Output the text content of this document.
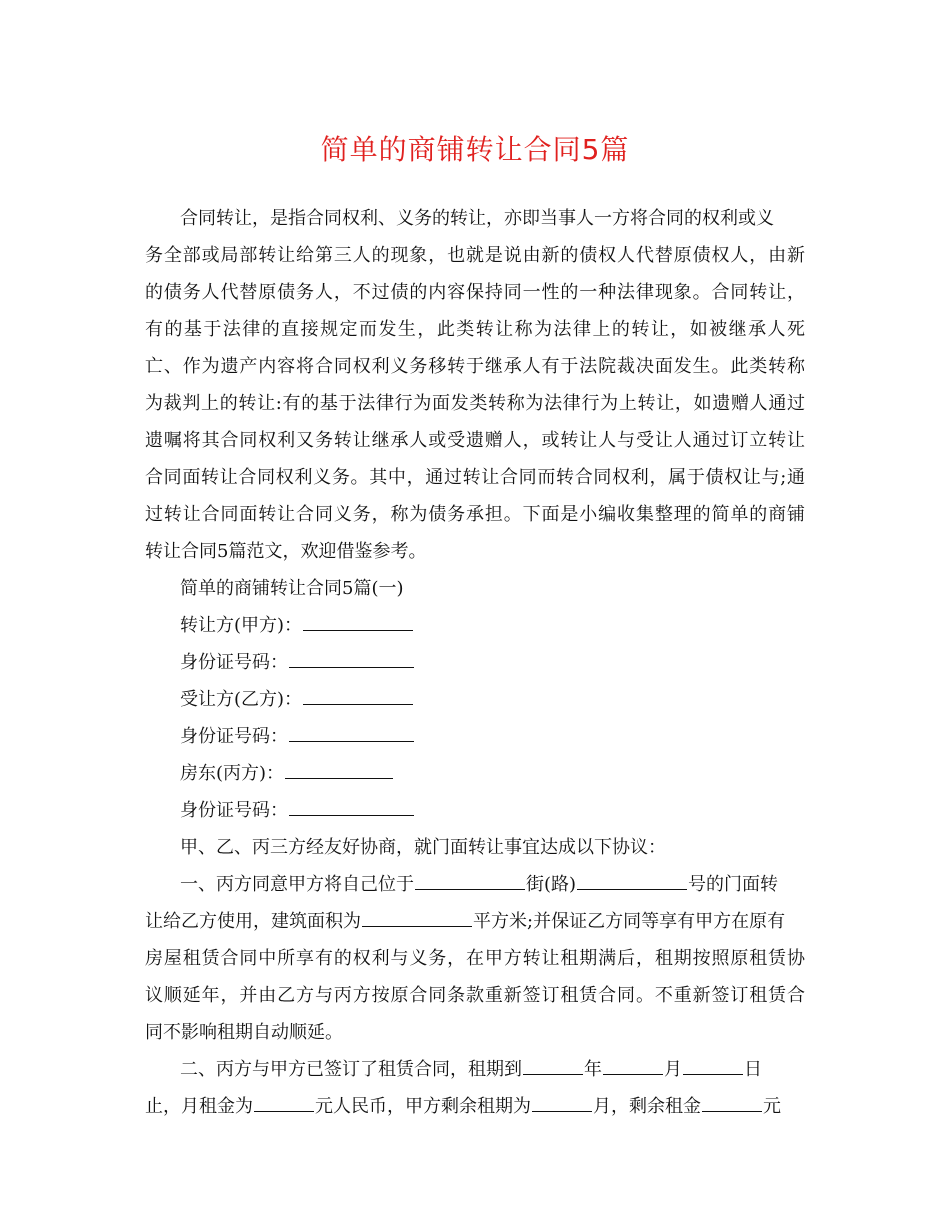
简单的商铺转让合同5篇
合同转让，是指合同权利、义务的转让，亦即当事人一方将合同的权利或义
务全部或局部转让给第三人的现象，也就是说由新的债权人代替原债权人，由新
的债务人代替原债务人，不过债的内容保持同一性的一种法律现象。合同转让，
有的基于法律的直接规定而发生，此类转让称为法律上的转让，如被继承人死
亡、作为遗产内容将合同权利义务移转于继承人有于法院裁决面发生。此类转称
为裁判上的转让:有的基于法律行为面发类转称为法律行为上转让，如遗赠人通过
遗嘱将其合同权利又务转让继承人或受遗赠人，或转让人与受让人通过订立转让
合同面转让合同权利义务。其中，通过转让合同而转合同权利，属于债权让与;通
过转让合同面转让合同义务，称为债务承担。下面是小编收集整理的简单的商铺
转让合同5篇范文，欢迎借鉴参考。
简单的商铺转让合同5篇(一)
转让方(甲方)：
身份证号码：
受让方(乙方)：
身份证号码：
房东(丙方)：
身份证号码：
甲、乙、丙三方经友好协商，就门面转让事宜达成以下协议：
一、丙方同意甲方将自己位于	街(路)	号的门面转
让给乙方使用，建筑面积为	平方米;并保证乙方同等享有甲方在原有
房屋租赁合同中所享有的权利与义务，在甲方转让租期满后，租期按照原租赁协
议顺延年，并由乙方与丙方按原合同条款重新签订租赁合同。不重新签订租赁合
同不影响租期自动顺延。
二、丙方与甲方已签订了租赁合同，租期到	年	月	日
止，月租金为	元人民币，甲方剩余租期为	月，剩余租金	元
